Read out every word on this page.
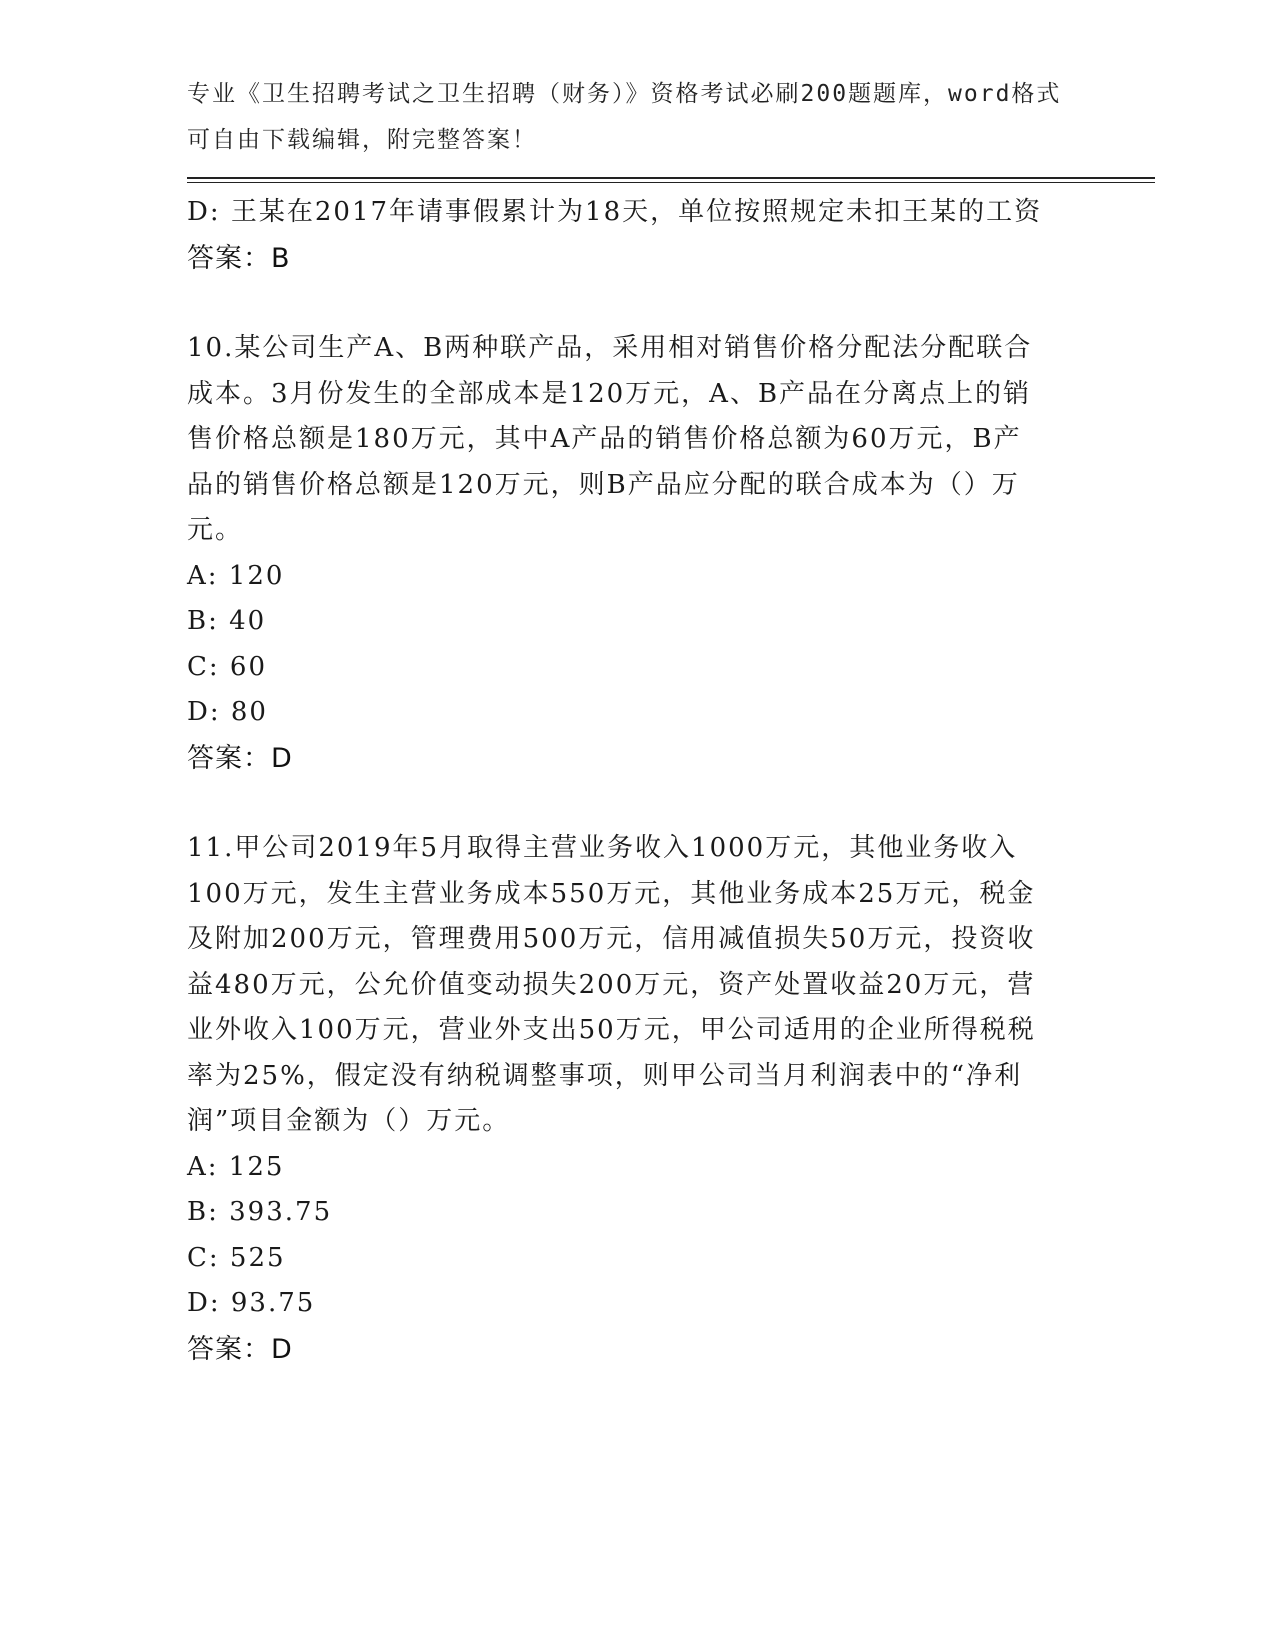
专业《卫生招聘考试之卫生招聘（财务）》资格考试必刷200题题库，word格式
可自由下载编辑，附完整答案！
D: 王某在2017年请事假累计为18天，单位按照规定未扣王某的工资
答案：B
10.某公司生产A、B两种联产品，采用相对销售价格分配法分配联合
成本。3月份发生的全部成本是120万元，A、B产品在分离点上的销
售价格总额是180万元，其中A产品的销售价格总额为60万元，B产
品的销售价格总额是120万元，则B产品应分配的联合成本为（）万
元。
A: 120
B: 40
C: 60
D: 80
答案：D
11.甲公司2019年5月取得主营业务收入1000万元，其他业务收入
100万元，发生主营业务成本550万元，其他业务成本25万元，税金
及附加200万元，管理费用500万元，信用减值损失50万元，投资收
益480万元，公允价值变动损失200万元，资产处置收益20万元，营
业外收入100万元，营业外支出50万元，甲公司适用的企业所得税税
率为25%，假定没有纳税调整事项，则甲公司当月利润表中的“净利
润”项目金额为（）万元。
A: 125
B: 393.75
C: 525
D: 93.75
答案：D
